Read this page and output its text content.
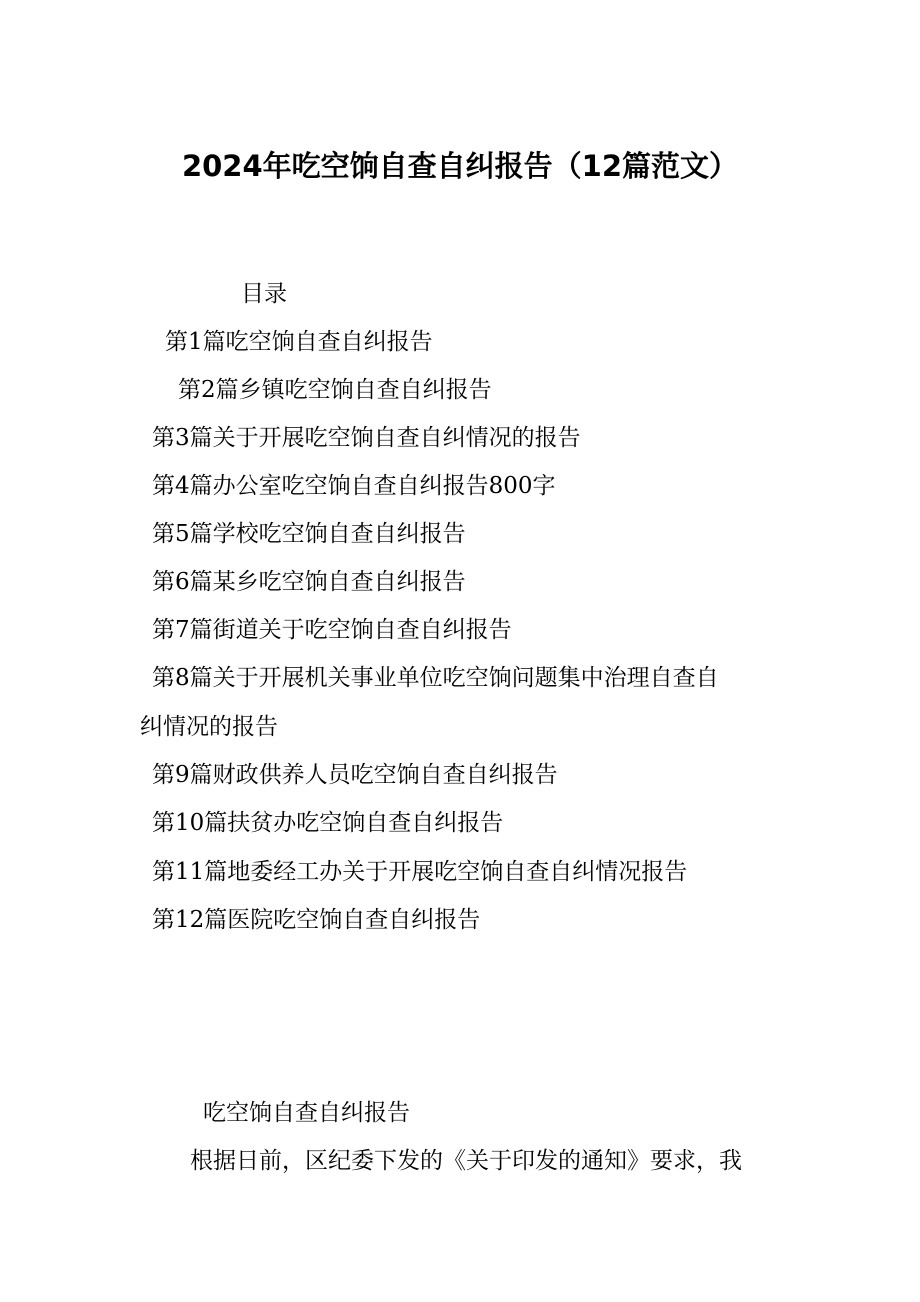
2024年吃空饷自查自纠报告（12篇范文）
目录
第1篇吃空饷自查自纠报告
第2篇乡镇吃空饷自查自纠报告
第3篇关于开展吃空饷自查自纠情况的报告
第4篇办公室吃空饷自查自纠报告800字
第5篇学校吃空饷自查自纠报告
第6篇某乡吃空饷自查自纠报告
第7篇街道关于吃空饷自查自纠报告
第8篇关于开展机关事业单位吃空饷问题集中治理自查自
纠情况的报告
第9篇财政供养人员吃空饷自查自纠报告
第10篇扶贫办吃空饷自查自纠报告
第11篇地委经工办关于开展吃空饷自查自纠情况报告
第12篇医院吃空饷自查自纠报告
吃空饷自查自纠报告

根据日前，区纪委下发的《关于印发的通知》要求，我
